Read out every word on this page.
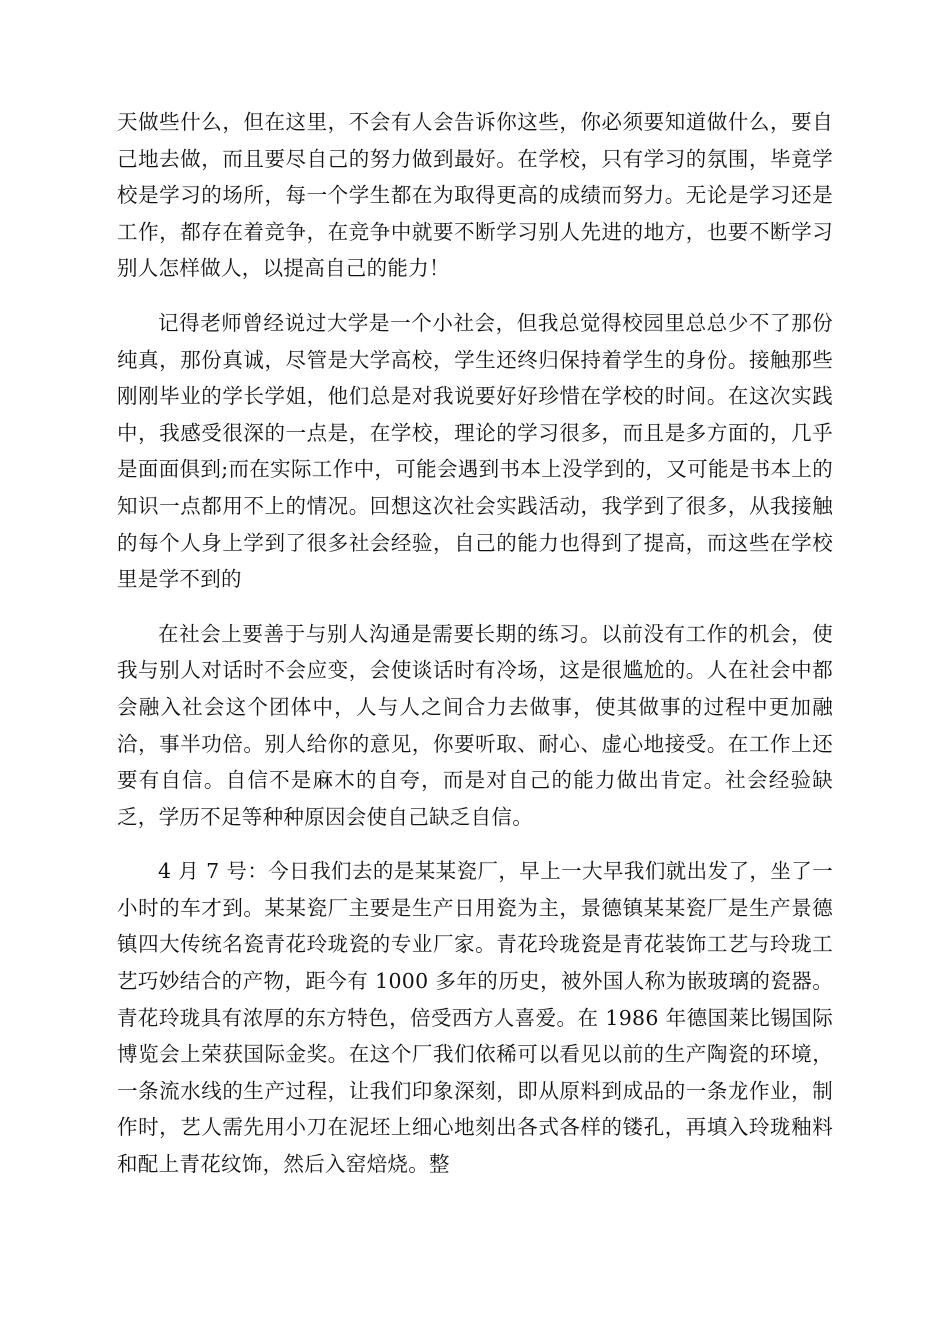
天做些什么，但在这里，不会有人会告诉你这些，你必须要知道做什么，要自己地去做，而且要尽自己的努力做到最好。在学校，只有学习的氛围，毕竟学校是学习的场所，每一个学生都在为取得更高的成绩而努力。无论是学习还是工作，都存在着竞争，在竞争中就要不断学习别人先进的地方，也要不断学习别人怎样做人，以提高自己的能力！

记得老师曾经说过大学是一个小社会，但我总觉得校园里总总少不了那份纯真，那份真诚，尽管是大学高校，学生还终归保持着学生的身份。接触那些刚刚毕业的学长学姐，他们总是对我说要好好珍惜在学校的时间。在这次实践中，我感受很深的一点是，在学校，理论的学习很多，而且是多方面的，几乎是面面俱到;而在实际工作中，可能会遇到书本上没学到的，又可能是书本上的知识一点都用不上的情况。回想这次社会实践活动，我学到了很多，从我接触的每个人身上学到了很多社会经验，自己的能力也得到了提高，而这些在学校里是学不到的

在社会上要善于与别人沟通是需要长期的练习。以前没有工作的机会，使我与别人对话时不会应变，会使谈话时有冷场，这是很尴尬的。人在社会中都会融入社会这个团体中，人与人之间合力去做事，使其做事的过程中更加融洽，事半功倍。别人给你的意见，你要听取、耐心、虚心地接受。在工作上还要有自信。自信不是麻木的自夸，而是对自己的能力做出肯定。社会经验缺乏，学历不足等种种原因会使自己缺乏自信。

4 月 7 号：今日我们去的是某某瓷厂，早上一大早我们就出发了，坐了一小时的车才到。某某瓷厂主要是生产日用瓷为主，景德镇某某瓷厂是生产景德镇四大传统名瓷青花玲珑瓷的专业厂家。青花玲珑瓷是青花装饰工艺与玲珑工艺巧妙结合的产物，距今有 1000 多年的历史，被外国人称为嵌玻璃的瓷器。青花玲珑具有浓厚的东方特色，倍受西方人喜爱。在 1986 年德国莱比锡国际博览会上荣获国际金奖。在这个厂我们依稀可以看见以前的生产陶瓷的环境，一条流水线的生产过程，让我们印象深刻，即从原料到成品的一条龙作业，制作时，艺人需先用小刀在泥坯上细心地刻出各式各样的镂孔，再填入玲珑釉料和配上青花纹饰，然后入窑焙烧。整
